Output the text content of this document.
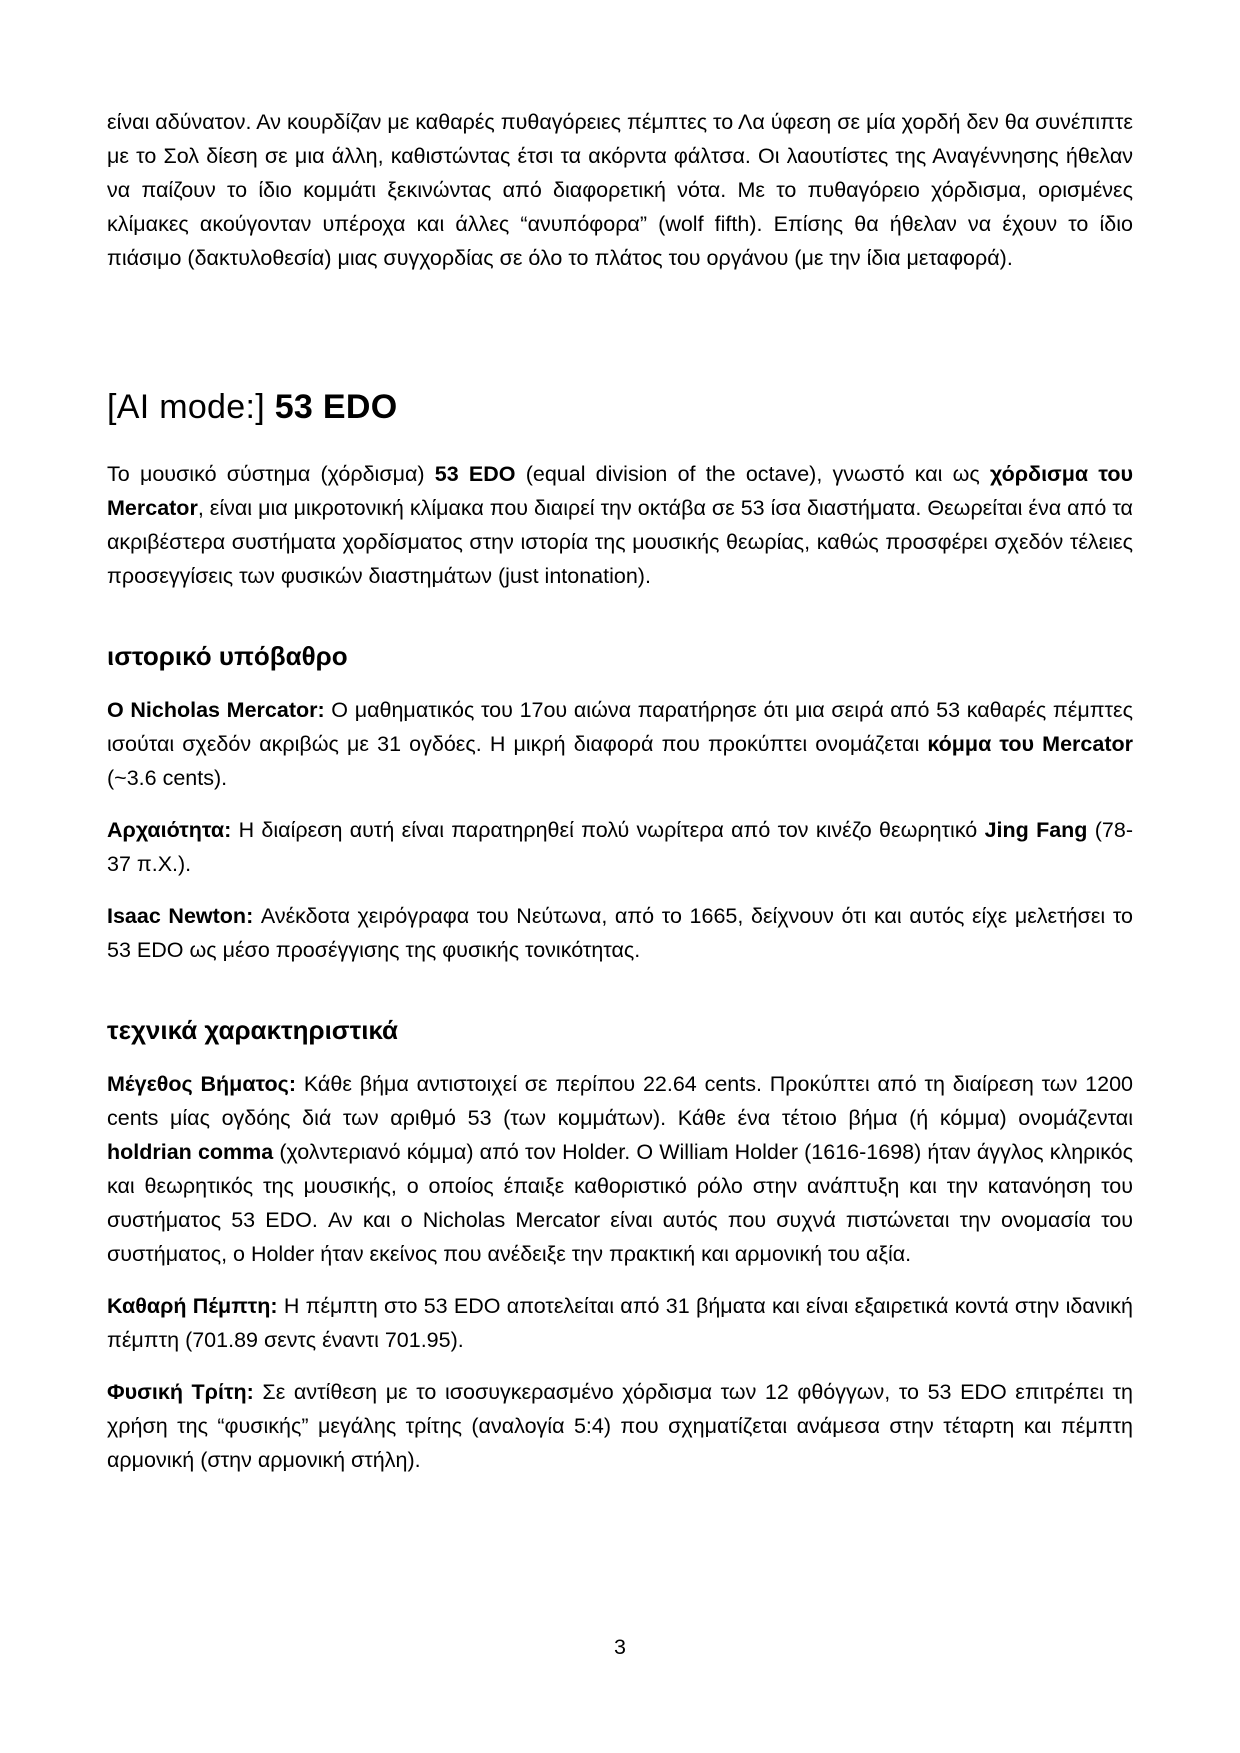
είναι αδύνατον. Αν κουρδίζαν με καθαρές πυθαγόρειες πέμπτες το Λα ύφεση σε μία χορδή δεν θα συνέπιπτε με το Σολ δίεση σε μια άλλη, καθιστώντας έτσι τα ακόρντα φάλτσα. Οι λαουτίστες της Αναγέννησης ήθελαν να παίζουν το ίδιο κομμάτι ξεκινώντας από διαφορετική νότα. Με το πυθαγόρειο χόρδισμα, ορισμένες κλίμακες ακούγονταν υπέροχα και άλλες “ανυπόφορα” (wolf fifth). Επίσης θα ήθελαν να έχουν το ίδιο πιάσιμο (δακτυλοθεσία) μιας συγχορδίας σε όλο το πλάτος του οργάνου (με την ίδια μεταφορά).

[AI mode:] 53 EDO

Το μουσικό σύστημα (χόρδισμα) 53 EDO (equal division of the octave), γνωστό και ως χόρδισμα του Mercator, είναι μια μικροτονική κλίμακα που διαιρεί την οκτάβα σε 53 ίσα διαστήματα. Θεωρείται ένα από τα ακριβέστερα συστήματα χορδίσματος στην ιστορία της μουσικής θεωρίας, καθώς προσφέρει σχεδόν τέλειες προσεγγίσεις των φυσικών διαστημάτων (just intonation).

ιστορικό υπόβαθρο

Ο Nicholas Mercator: Ο μαθηματικός του 17ου αιώνα παρατήρησε ότι μια σειρά από 53 καθαρές πέμπτες ισούται σχεδόν ακριβώς με 31 ογδόες. Η μικρή διαφορά που προκύπτει ονομάζεται κόμμα του Mercator (~3.6 cents).

Αρχαιότητα: Η διαίρεση αυτή είναι παρατηρηθεί πολύ νωρίτερα από τον κινέζο θεωρητικό Jing Fang (78-37 π.Χ.).

Isaac Newton: Ανέκδοτα χειρόγραφα του Νεύτωνα, από το 1665, δείχνουν ότι και αυτός είχε μελετήσει το 53 EDO ως μέσο προσέγγισης της φυσικής τονικότητας.

τεχνικά χαρακτηριστικά

Μέγεθος Βήματος: Κάθε βήμα αντιστοιχεί σε περίπου 22.64 cents. Προκύπτει από τη διαίρεση των 1200 cents μίας ογδόης διά των αριθμό 53 (των κομμάτων). Κάθε ένα τέτοιο βήμα (ή κόμμα) ονομάζενται holdrian comma (χολντεριανό κόμμα) από τον Holder. Ο William Holder (1616-1698) ήταν άγγλος κληρικός και θεωρητικός της μουσικής, ο οποίος έπαιξε καθοριστικό ρόλο στην ανάπτυξη και την κατανόηση του συστήματος 53 EDO. Αν και ο Nicholas Mercator είναι αυτός που συχνά πιστώνεται την ονομασία του συστήματος, ο Holder ήταν εκείνος που ανέδειξε την πρακτική και αρμονική του αξία.

Καθαρή Πέμπτη: Η πέμπτη στο 53 EDO αποτελείται από 31 βήματα και είναι εξαιρετικά κοντά στην ιδανική πέμπτη (701.89 σεντς έναντι 701.95).

Φυσική Τρίτη: Σε αντίθεση με το ισοσυγκερασμένο χόρδισμα των 12 φθόγγων, το 53 EDO επιτρέπει τη χρήση της “φυσικής” μεγάλης τρίτης (αναλογία 5:4) που σχηματίζεται ανάμεσα στην τέταρτη και πέμπτη αρμονική (στην αρμονική στήλη).

3
